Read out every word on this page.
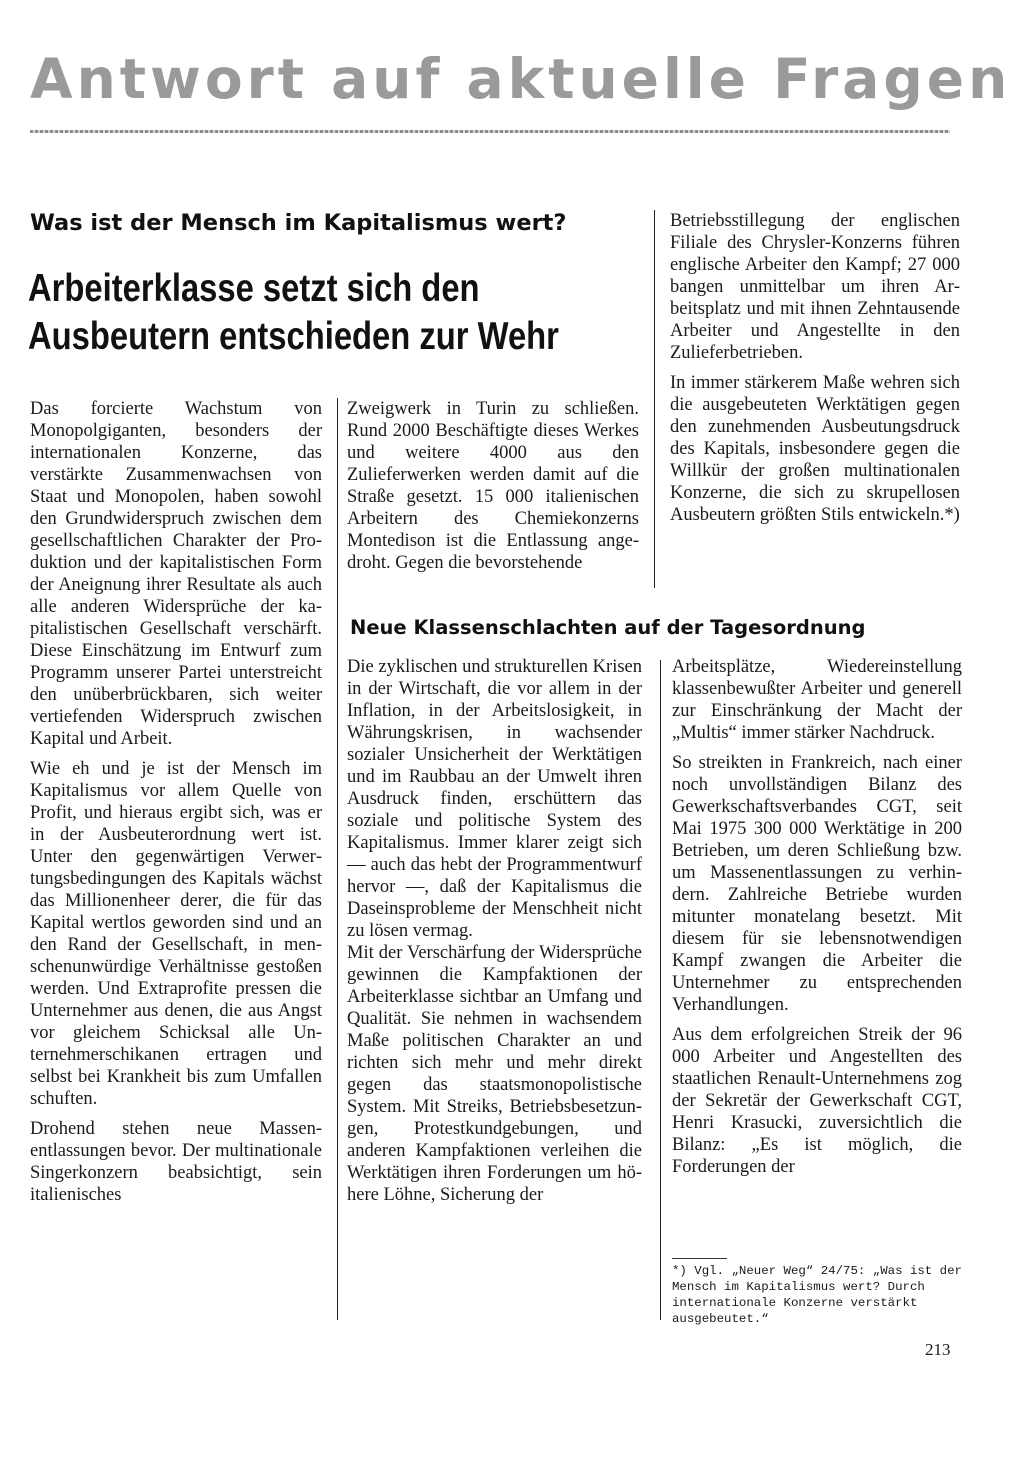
Antwort auf aktuelle Fragen
Was ist der Mensch im Kapitalismus wert?
Arbeiterklasse setzt sich den
Ausbeutern entschieden zur Wehr

Das forcierte Wachstum von Monopolgiganten, besonders der internationalen Konzerne, das verstärkte Zusammenwachsen von Staat und Monopolen, haben sowohl den Grundwiderspruch zwischen dem gesellschaftlichen Charakter der Produktion und der kapitalistischen Form der Aneignung ihrer Resultate als auch alle anderen Widersprüche der kapitalistischen Gesellschaft verschärft. Diese Einschätzung im Entwurf zum Programm unserer Partei unterstreicht den unüberbrückbaren, sich weiter vertiefenden Widerspruch zwischen Kapital und Arbeit.

Wie eh und je ist der Mensch im Kapitalismus vor allem Quelle von Profit, und hieraus ergibt sich, was er in der Ausbeuterordnung wert ist. Unter den gegenwärtigen Verwertungsbedingungen des Kapitals wächst das Millionenheer derer, die für das Kapital wertlos geworden sind und an den Rand der Gesellschaft, in menschenunwürdige Verhältnisse gestoßen werden. Und Extraprofite pressen die Unternehmer aus denen, die aus Angst vor gleichem Schicksal alle Unternehmerschikanen ertragen und selbst bei Krankheit bis zum Umfallen schuften.

Drohend stehen neue Massenentlassungen bevor. Der multinationale Singerkonzern beabsichtigt, sein italienisches

Zweigwerk in Turin zu schließen. Rund 2000 Beschäftigte dieses Werkes und weitere 4000 aus den Zulieferwerken werden damit auf die Straße gesetzt. 15 000 italienischen Arbeitern des Chemiekonzerns Montedison ist die Entlassung angedroht. Gegen die bevorstehende

Betriebsstillegung der englischen Filiale des Chrysler-Konzerns führen englische Arbeiter den Kampf; 27 000 bangen unmittelbar um ihren Arbeitsplatz und mit ihnen Zehntausende Arbeiter und Angestellte in den Zulieferbetrieben.

In immer stärkerem Maße wehren sich die ausgebeuteten Werktätigen gegen den zunehmenden Ausbeutungsdruck des Kapitals, insbesondere gegen die Willkür der großen multinationalen Konzerne, die sich zu skrupellosen Ausbeutern größten Stils entwickeln.*)

Neue Klassenschlachten auf der Tagesordnung

Die zyklischen und strukturellen Krisen in der Wirtschaft, die vor allem in der Inflation, in der Arbeitslosigkeit, in Währungskrisen, in wachsender sozialer Unsicherheit der Werktätigen und im Raubbau an der Umwelt ihren Ausdruck finden, erschüttern das soziale und politische System des Kapitalismus. Immer klarer zeigt sich — auch das hebt der Programmentwurf hervor —, daß der Kapitalismus die Daseinsprobleme der Menschheit nicht zu lösen vermag.

Mit der Verschärfung der Widersprüche gewinnen die Kampfaktionen der Arbeiterklasse sichtbar an Umfang und Qualität. Sie nehmen in wachsendem Maße politischen Charakter an und richten sich mehr und mehr direkt gegen das staatsmonopolistische System. Mit Streiks, Betriebsbesetzungen, Protestkundgebungen, und anderen Kampfaktionen verleihen die Werktätigen ihren Forderungen um höhere Löhne, Sicherung der

Arbeitsplätze, Wiedereinstellung klassenbewußter Arbeiter und generell zur Einschränkung der Macht der „Multis“ immer stärker Nachdruck.

So streikten in Frankreich, nach einer noch unvollständigen Bilanz des Gewerkschaftsverbandes CGT, seit Mai 1975 300 000 Werktätige in 200 Betrieben, um deren Schließung bzw. um Massenentlassungen zu verhindern. Zahlreiche Betriebe wurden mitunter monatelang besetzt. Mit diesem für sie lebensnotwendigen Kampf zwangen die Arbeiter die Unternehmer zu entsprechenden Verhandlungen.

Aus dem erfolgreichen Streik der 96 000 Arbeiter und Angestellten des staatlichen Renault-Unternehmens zog der Sekretär der Gewerkschaft CGT, Henri Krasucki, zuversichtlich die Bilanz: „Es ist möglich, die Forderungen der

*) Vgl. „Neuer Weg“ 24/75: „Was ist der Mensch im Kapitalismus wert? Durch internationale Konzerne verstärkt ausgebeutet.“

213
